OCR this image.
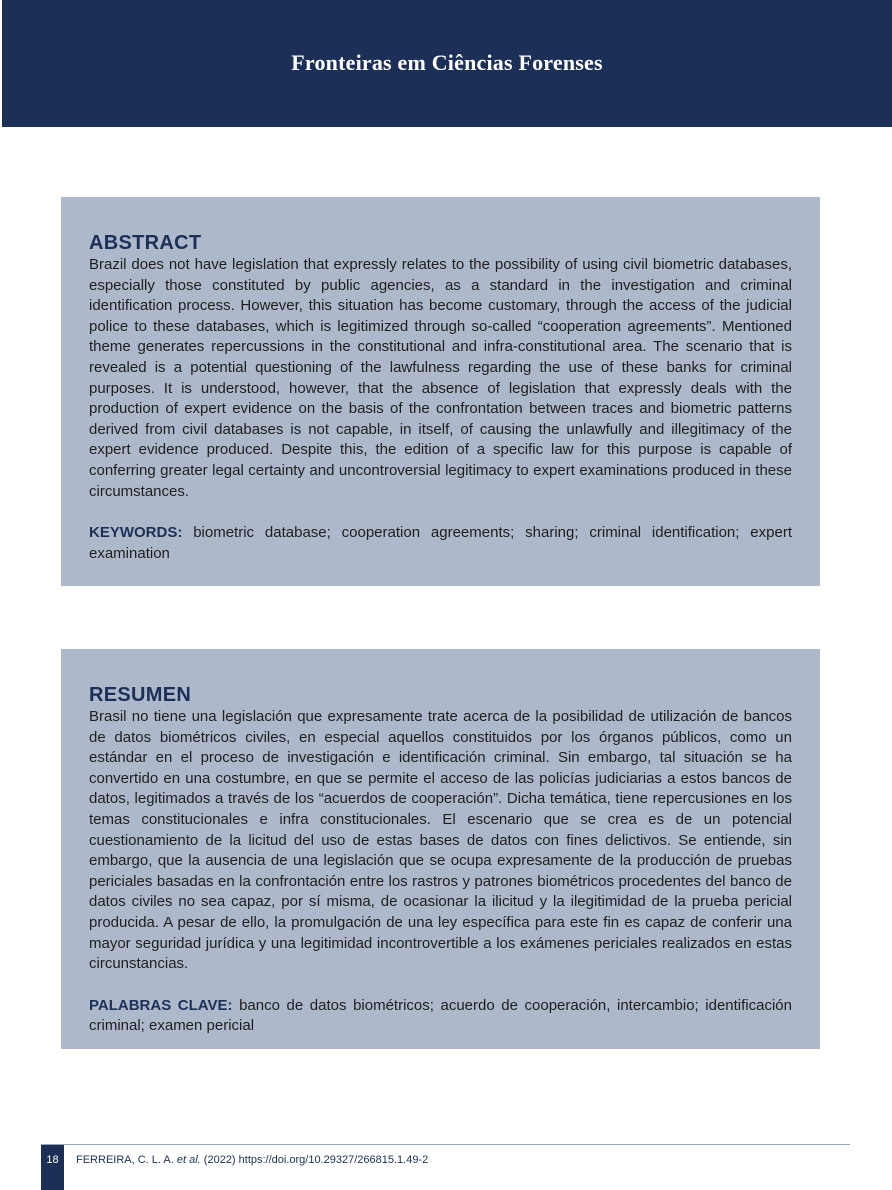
Fronteiras em Ciências Forenses
ABSTRACT

Brazil does not have legislation that expressly relates to the possibility of using civil biometric databases, especially those constituted by public agencies, as a standard in the investigation and criminal identification process. However, this situation has become customary, through the access of the judicial police to these databases, which is legitimized through so-called “cooperation agreements”. Mentioned theme generates repercussions in the constitutional and infra-constitutional area. The scenario that is revealed is a potential questioning of the lawfulness regarding the use of these banks for criminal purposes. It is understood, however, that the absence of legislation that expressly deals with the production of expert evidence on the basis of the confrontation between traces and biometric patterns derived from civil databases is not capable, in itself, of causing the unlawfully and illegitimacy of the expert evidence produced. Despite this, the edition of a specific law for this purpose is capable of conferring greater legal certainty and uncontroversial legitimacy to expert examinations produced in these circumstances.

KEYWORDS: biometric database; cooperation agreements; sharing; criminal identification; expert examination

RESUMEN

Brasil no tiene una legislación que expresamente trate acerca de la posibilidad de utilización de bancos de datos biométricos civiles, en especial aquellos constituidos por los órganos públicos, como un estándar en el proceso de investigación e identificación criminal. Sin embargo, tal situación se ha convertido en una costumbre, en que se permite el acceso de las policías judiciarias a estos bancos de datos, legitimados a través de los “acuerdos de cooperación”. Dicha temática, tiene repercusiones en los temas constitucionales e infra constitucionales. El escenario que se crea es de un potencial cuestionamiento de la licitud del uso de estas bases de datos con fines delictivos. Se entiende, sin embargo, que la ausencia de una legislación que se ocupa expresamente de la producción de pruebas periciales basadas en la confrontación entre los rastros y patrones biométricos procedentes del banco de datos civiles no sea capaz, por sí misma, de ocasionar la ilicitud y la ilegitimidad de la prueba pericial producida. A pesar de ello, la promulgación de una ley específica para este fin es capaz de conferir una mayor seguridad jurídica y una legitimidad incontrovertible a los exámenes periciales realizados en estas circunstancias.

PALABRAS CLAVE: banco de datos biométricos; acuerdo de cooperación, intercambio; identificación criminal; examen pericial

18	FERREIRA, C. L. A. et al. (2022) https://doi.org/10.29327/266815.1.49-2
